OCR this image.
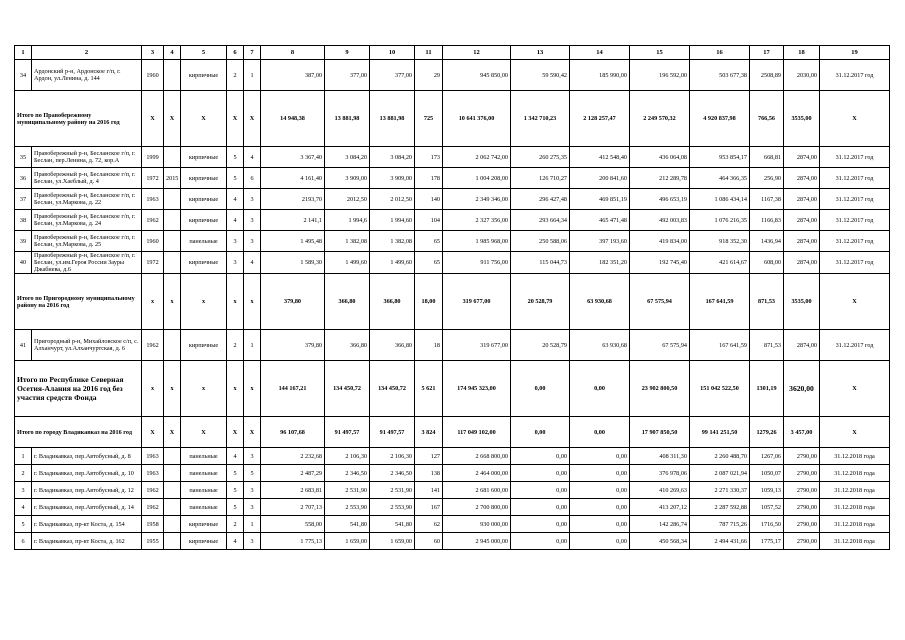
1	2	3	4	5	6	7	8	9	10	11	12	13	14	15	16	17	18	19
34	Ардонский р-н, Ардонское г/п, г. Ардон, ул.Ленина, д. 144	1960		кирпичные	2	1	387,00	377,00	377,00	29	945 850,00	59 590,42	185 990,00	196 592,00	503 677,38	2508,89	2030,00	31.12.2017 год
Итого по Правобережному муниципальному району на 2016 год		Х	Х	Х	Х	Х	14 948,38	13 881,98	13 881,98	725	10 641 376,00	1 342 710,23	2 128 257,47	2 249 570,32	4 920 837,98	766,56	3535,00	Х
35	Правобережный р-н, Бесланское г/п, г. Беслан, пер.Ленина, д. 72, кор.А	1999		кирпичные	5	4	3 367,40	3 084,20	3 084,20	173	2 062 742,00	260 275,35	412 548,40	436 064,08	953 854,17	668,81	2874,00	31.12.2017 год
36	Правобережный р-н, Бесланское г/п, г. Беслан, ул.Хаеблый, д. 4	1972	2015	кирпичные	5	6	4 161,40	3 909,00	3 909,00	178	1 004 208,00	126 710,27	200 841,60	212 289,78	464 366,35	256,90	2874,00	31.12.2017 год
37	Правобережный р-н, Бесланское г/п, г. Беслан, ул.Маркова, д. 22	1963		кирпичные	4	3	2193,70	2012,50	2 012,50	140	2 349 346,00	296 427,48	469 851,19	496 653,19	1 086 434,14	1167,38	2874,00	31.12.2017 год
38	Правобережный р-н, Бесланское г/п, г. Беслан, ул.Маркова, д. 24	1962		кирпичные	4	3	2 141,1	1 994,6	1 994,60	104	2 327 356,00	293 664,34	465 471,48	492 003,83	1 076 216,35	1166,83	2874,00	31.12.2017 год
39	Правобережный р-н, Бесланское г/п, г. Беслан, ул.Маркова, д. 25	1960		панельные	3	3	1 495,48	1 382,08	1 382,08	65	1 985 968,00	250 588,06	397 193,60	419 834,00	918 352,30	1436,94	2874,00	31.12.2017 год
40	Правобережный р-н, Бесланское г/п, г. Беслан, ул.им.Героя России Зауры Джабиева, д.6	1972		кирпичные	3	4	1 589,30	1 499,60	1 499,60	65	911 756,00	115 044,73	182 351,20	192 745,40	421 614,67	608,00	2874,00	31.12.2017 год
Итого по Пригородному муниципальному району на 2016 год		х	х	х	х	х	379,80	366,80	366,80	18,00	319 677,00	20 528,79	63 930,68	67 575,94	167 641,59	871,53	3535,00	Х
41	Пригородный р-н, Михайловское с/п, с. Алханчурт, ул.Алханчуртская, д. 6	1962		кирпичные	2	1	379,80	366,80	366,80	18	319 677,00	20 528,79	63 930,68	67 575,94	167 641,59	871,53	2874,00	31.12.2017 год
Итого по Республике Северная Осетия-Алания на 2016 год без участия средств Фонда		х	х	х	х	х	144 167,21	134 450,72	134 450,72	5 621	174 945 323,00	0,00	0,00	23 902 800,50	151 042 522,50	1301,19	3620,00	Х
Итого по городу Владикавказ на 2016 год		Х	Х	Х	Х	Х	96 107,68	91 497,57	91 497,57	3 824	117 049 102,00	0,00	0,00	17 907 850,50	99 141 251,50	1279,26	3 457,00	Х
1	г. Владикавказ, пер.Автобусный, д. 8	1963		панельные	4	3	2 232,68	2 106,30	2 106,30	127	2 668 800,00	0,00	0,00	408 311,30	2 260 488,70	1267,06	2790,00	31.12.2018 года
2	г. Владикавказ, пер.Автобусный, д. 10	1963		панельные	5	5	2 487,29	2 346,50	2 346,50	138	2 464 000,00	0,00	0,00	376 978,06	2 087 021,94	1050,07	2790,00	31.12.2018 года
3	г. Владикавказ, пер.Автобусный, д. 12	1962		панельные	5	3	2 683,81	2 531,90	2 531,90	141	2 681 600,00	0,00	0,00	410 269,63	2 271 330,37	1059,13	2790,00	31.12.2018 года
4	г. Владикавказ, пер.Автобусный, д. 14	1962		панельные	5	3	2 707,13	2 553,90	2 553,90	167	2 700 800,00	0,00	0,00	413 207,12	2 287 592,88	1057,52	2790,00	31.12.2018 года
5	г. Владикавказ, пр-кт Коста, д. 154	1958		кирпичные	2	1	558,00	541,80	541,80	62	930 000,00	0,00	0,00	142 286,74	787 715,26	1716,50	2790,00	31.12.2018 года
6	г. Владикавказ, пр-кт Коста, д. 162	1955		кирпичные	4	3	1 775,13	1 659,00	1 659,00	60	2 945 000,00	0,00	0,00	450 568,34	2 494 431,66	1775,17	2790,00	31.12.2018 года
